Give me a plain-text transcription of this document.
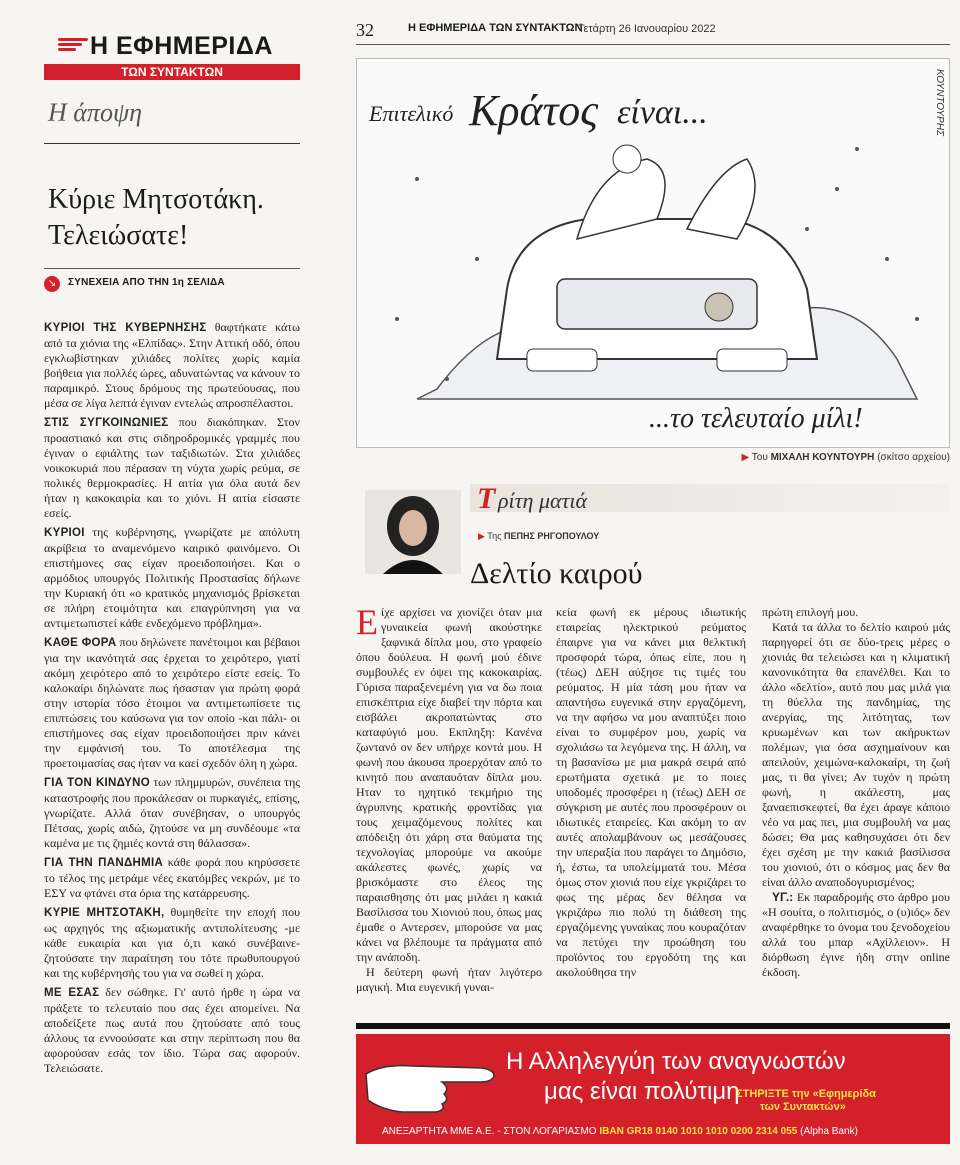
Η ΕΦΗΜΕΡΙΔΑ
ΤΩΝ ΣΥΝΤΑΚΤΩΝ
Η άποψη
Κύριε Μητσοτάκη.
Τελειώσατε!
↘	ΣΥΝΕΧΕΙΑ ΑΠΟ ΤΗΝ 1η ΣΕΛΙΔΑ

ΚΥΡΙΟΙ ΤΗΣ ΚΥΒΕΡΝΗΣΗΣ θαφτήκατε κάτω από τα χιόνια της «Ελπίδας». Στην Αττική οδό, όπου εγκλωβίστηκαν χιλιάδες πολίτες χωρίς καμία βοήθεια για πολλές ώρες, αδυνατώντας να κάνουν το παραμικρό. Στους δρόμους της πρωτεύουσας, που μέσα σε λίγα λεπτά έγιναν εντελώς απροσπέλαστοι.

ΣΤΙΣ ΣΥΓΚΟΙΝΩΝΙΕΣ που διακόπηκαν. Στον προαστιακό και στις σιδηροδρομικές γραμμές που έγιναν ο εφιάλτης των ταξιδιωτών. Στα χιλιάδες νοικοκυριά που πέρασαν τη νύχτα χωρίς ρεύμα, σε πολικές θερμοκρασίες. Η αιτία για όλα αυτά δεν ήταν η κακοκαιρία και το χιόνι. Η αιτία είσαστε εσείς.

ΚΥΡΙΟΙ της κυβέρνησης, γνωρίζατε με απόλυτη ακρίβεια το αναμενόμενο καιρικό φαινόμενο. Οι επιστήμονες σας είχαν προειδοποιήσει. Και ο αρμόδιος υπουργός Πολιτικής Προστασίας δήλωνε την Κυριακή ότι «ο κρατικός μηχανισμός βρίσκεται σε πλήρη ετοιμότητα και επαγρύπνηση για να αντιμετωπιστεί κάθε ενδεχόμενο πρόβλημα».

ΚΑΘΕ ΦΟΡΑ που δηλώνετε πανέτοιμοι και βέβαιοι για την ικανότητά σας έρχεται το χειρότερο, γιατί ακόμη χειρότερο από το χειρότερο είστε εσείς. Το καλοκαίρι δηλώνατε πως ήσασταν για πρώτη φορά στην ιστορία τόσο έτοιμοι να αντιμετωπίσετε τις επιπτώσεις του καύσωνα για τον οποίο -και πάλι- οι επιστήμονες σας είχαν προειδοποιήσει πριν κάνει την εμφάνισή του. Το αποτέλεσμα της προετοιμασίας σας ήταν να καεί σχεδόν όλη η χώρα.

ΓΙΑ ΤΟΝ ΚΙΝΔΥΝΟ των πλημμυρών, συνέπεια της καταστροφής που προκάλεσαν οι πυρκαγιές, επίσης, γνωρίζατε. Αλλά όταν συνέβησαν, ο υπουργός Πέτσας, χωρίς αιδώ, ζητούσε να μη συνδέουμε «τα καμένα με τις ζημιές κοντά στη θάλασσα».

ΓΙΑ ΤΗΝ ΠΑΝΔΗΜΙΑ κάθε φορά που κηρύσσετε το τέλος της μετράμε νέες εκατόμβες νεκρών, με το ΕΣΥ να φτάνει στα όρια της κατάρρευσης.

ΚΥΡΙΕ ΜΗΤΣΟΤΑΚΗ, θυμηθείτε την εποχή που ως αρχηγός της αξιωματικής αντιπολίτευσης -με κάθε ευκαιρία και για ό,τι κακό συνέβαινε- ζητούσατε την παραίτηση του τότε πρωθυπουργού και της κυβέρνησής του για να σωθεί η χώρα.

ΜΕ ΕΣΑΣ δεν σώθηκε. Γι' αυτό ήρθε η ώρα να πράξετε το τελευταίο που σας έχει απομείνει. Να αποδείξετε πως αυτά που ζητούσατε από τους άλλους τα εννοούσατε και στην περίπτωση που θα αφορούσαν εσάς τον ίδιο. Τώρα σας αφορούν. Τελειώσατε.

32	Η ΕΦΗΜΕΡΙΔΑ ΤΩΝ ΣΥΝΤΑΚΤΩΝ
Τετάρτη 26 Ιανουαρίου 2022
Επιτελικό Κράτος είναι...
...το τελευταίο μίλι!
ΚΟΥΝΤΟΥΡΗΣ
▶ Του ΜΙΧΑΛΗ ΚΟΥΝΤΟΥΡΗ (σκίτσο αρχείου)
Τ ρίτη ματιά
▶ Της ΠΕΠΗΣ ΡΗΓΟΠΟΥΛΟΥ
Δελτίο καιρού

Είχε αρχίσει να χιονίζει όταν μια γυναικεία φωνή ακούστηκε ξαφνικά δίπλα μου, στο γραφείο όπου δούλευα. Η φωνή μού έδινε συμβουλές εν όψει της κακοκαιρίας. Γύρισα παραξενεμένη για να δω ποια επισκέπτρια είχε διαβεί την πόρτα και εισβάλει ακροπατώντας στο καταφύγιό μου. Εκπληξη: Κανένα ζωντανό ον δεν υπήρχε κοντά μου. Η φωνή που άκουσα προερχόταν από το κινητό που αναπαυόταν δίπλα μου. Ηταν το ηχητικό τεκμήριο της άγρυπνης κρατικής φροντίδας για τους χειμαζόμενους πολίτες και απόδειξη ότι χάρη στα θαύματα της τεχνολογίας μπορούμε να ακούμε ακάλεστες φωνές, χωρίς να βρισκόμαστε στο έλεος της παραισθησης ότι μας μιλάει η κακιά Βασίλισσα του Χιονιού που, όπως μας έμαθε ο Αντερσεν, μπορούσε να μας κάνει να βλέπουμε τα πράγματα από την ανάποδη.

Η δεύτερη φωνή ήταν λιγότερο μαγική. Μια ευγενική γυναι-

κεία φωνή εκ μέρους ιδιωτικής εταιρείας ηλεκτρικού ρεύματος έπαιρνε για να κάνει μια θελκτική προσφορά τώρα, όπως είπε, που η (τέως) ΔΕΗ αύξησε τις τιμές του ρεύματος. Η μία τάση μου ήταν να απαντήσω ευγενικά στην εργαζόμενη, να την αφήσω να μου αναπτύξει ποιο είναι το συμφέρον μου, χωρίς να σχολιάσω τα λεγόμενα της. Η άλλη, να τη βασανίσω με μια μακρά σειρά από ερωτήματα σχετικά με το ποιες υποδομές προσφέρει η (τέως) ΔΕΗ σε σύγκριση με αυτές που προσφέρουν οι ιδιωτικές εταιρείες. Και ακόμη το αν αυτές απολαμβάνουν ως μεσάζουσες την υπεραξία που παράγει το Δημόσιο, ή, έστω, τα υπολείμματά του. Μέσα όμως στον χιονιά που είχε γκριζάρει το φως της μέρας δεν θέλησα να γκριζάρω πιο πολύ τη διάθεση της εργαζόμενης γυναίκας που κουραζόταν να πετύχει την προώθηση του προϊόντος του εργοδότη της και ακολούθησα την

πρώτη επιλογή μου.

Κατά τα άλλα το δελτίο καιρού μάς παρηγορεί ότι σε δύο-τρεις μέρες ο χιονιάς θα τελειώσει και η κλιματική κανονικότητα θα επανέλθει. Και το άλλο «δελτίο», αυτό που μας μιλά για τη θύελλα της πανδημίας, της ανεργίας, της λιτότητας, των κρυωμένων και των ακήρυκτων πολέμων, για όσα ασχημαίνουν και απειλούν, χειμώνα-καλοκαίρι, τη ζωή μας, τι θα γίνει; Αν τυχόν η πρώτη φωνή, η ακάλεστη, μας ξαναεπισκεφτεί, θα έχει άραγε κάποιο νέο να μας πει, μια συμβουλή να μας δώσει; Θα μας καθησυχάσει ότι δεν έχει σχέση με την κακιά βασίλισσα του χιονιού, ότι ο κόσμος μας δεν θα είναι άλλο αναποδογυρισμένος;

ΥΓ.: Εκ παραδρομής στο άρθρο μου «Η σουίτα, ο πολιτισμός, ο (υ)ιός» δεν αναφέρθηκε το όνομα του ξενοδοχείου αλλά του μπαρ «Αχίλλειον». Η διόρθωση έγινε ήδη στην online έκδοση.

Η Αλληλεγγύη των αναγνωστών
μας είναι πολύτιμη
ΣΤΗΡΙΞΤΕ την «Εφημερίδα
των Συντακτών»
ΑΝΕΞΑΡΤΗΤΑ ΜΜΕ Α.Ε. - ΣΤΟΝ ΛΟΓΑΡΙΑΣΜΟ IBAN GR18 0140 1010 1010 0200 2314 055 (Alpha Bank)
